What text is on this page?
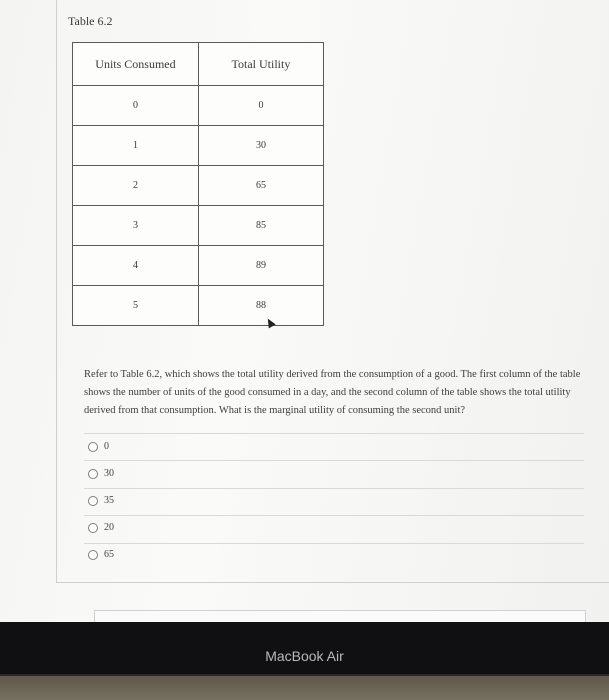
Table 6.2
Units Consumed	Total Utility
0	0
1	30
2	65
3	85
4	89
5	88
Refer to Table 6.2, which shows the total utility derived from the consumption of a good. The first column of the table shows the number of units of the good consumed in a day, and the second column of the table shows the total utility derived from that consumption. What is the marginal utility of consuming the second unit?
0
30
35
20
65
MacBook Air
